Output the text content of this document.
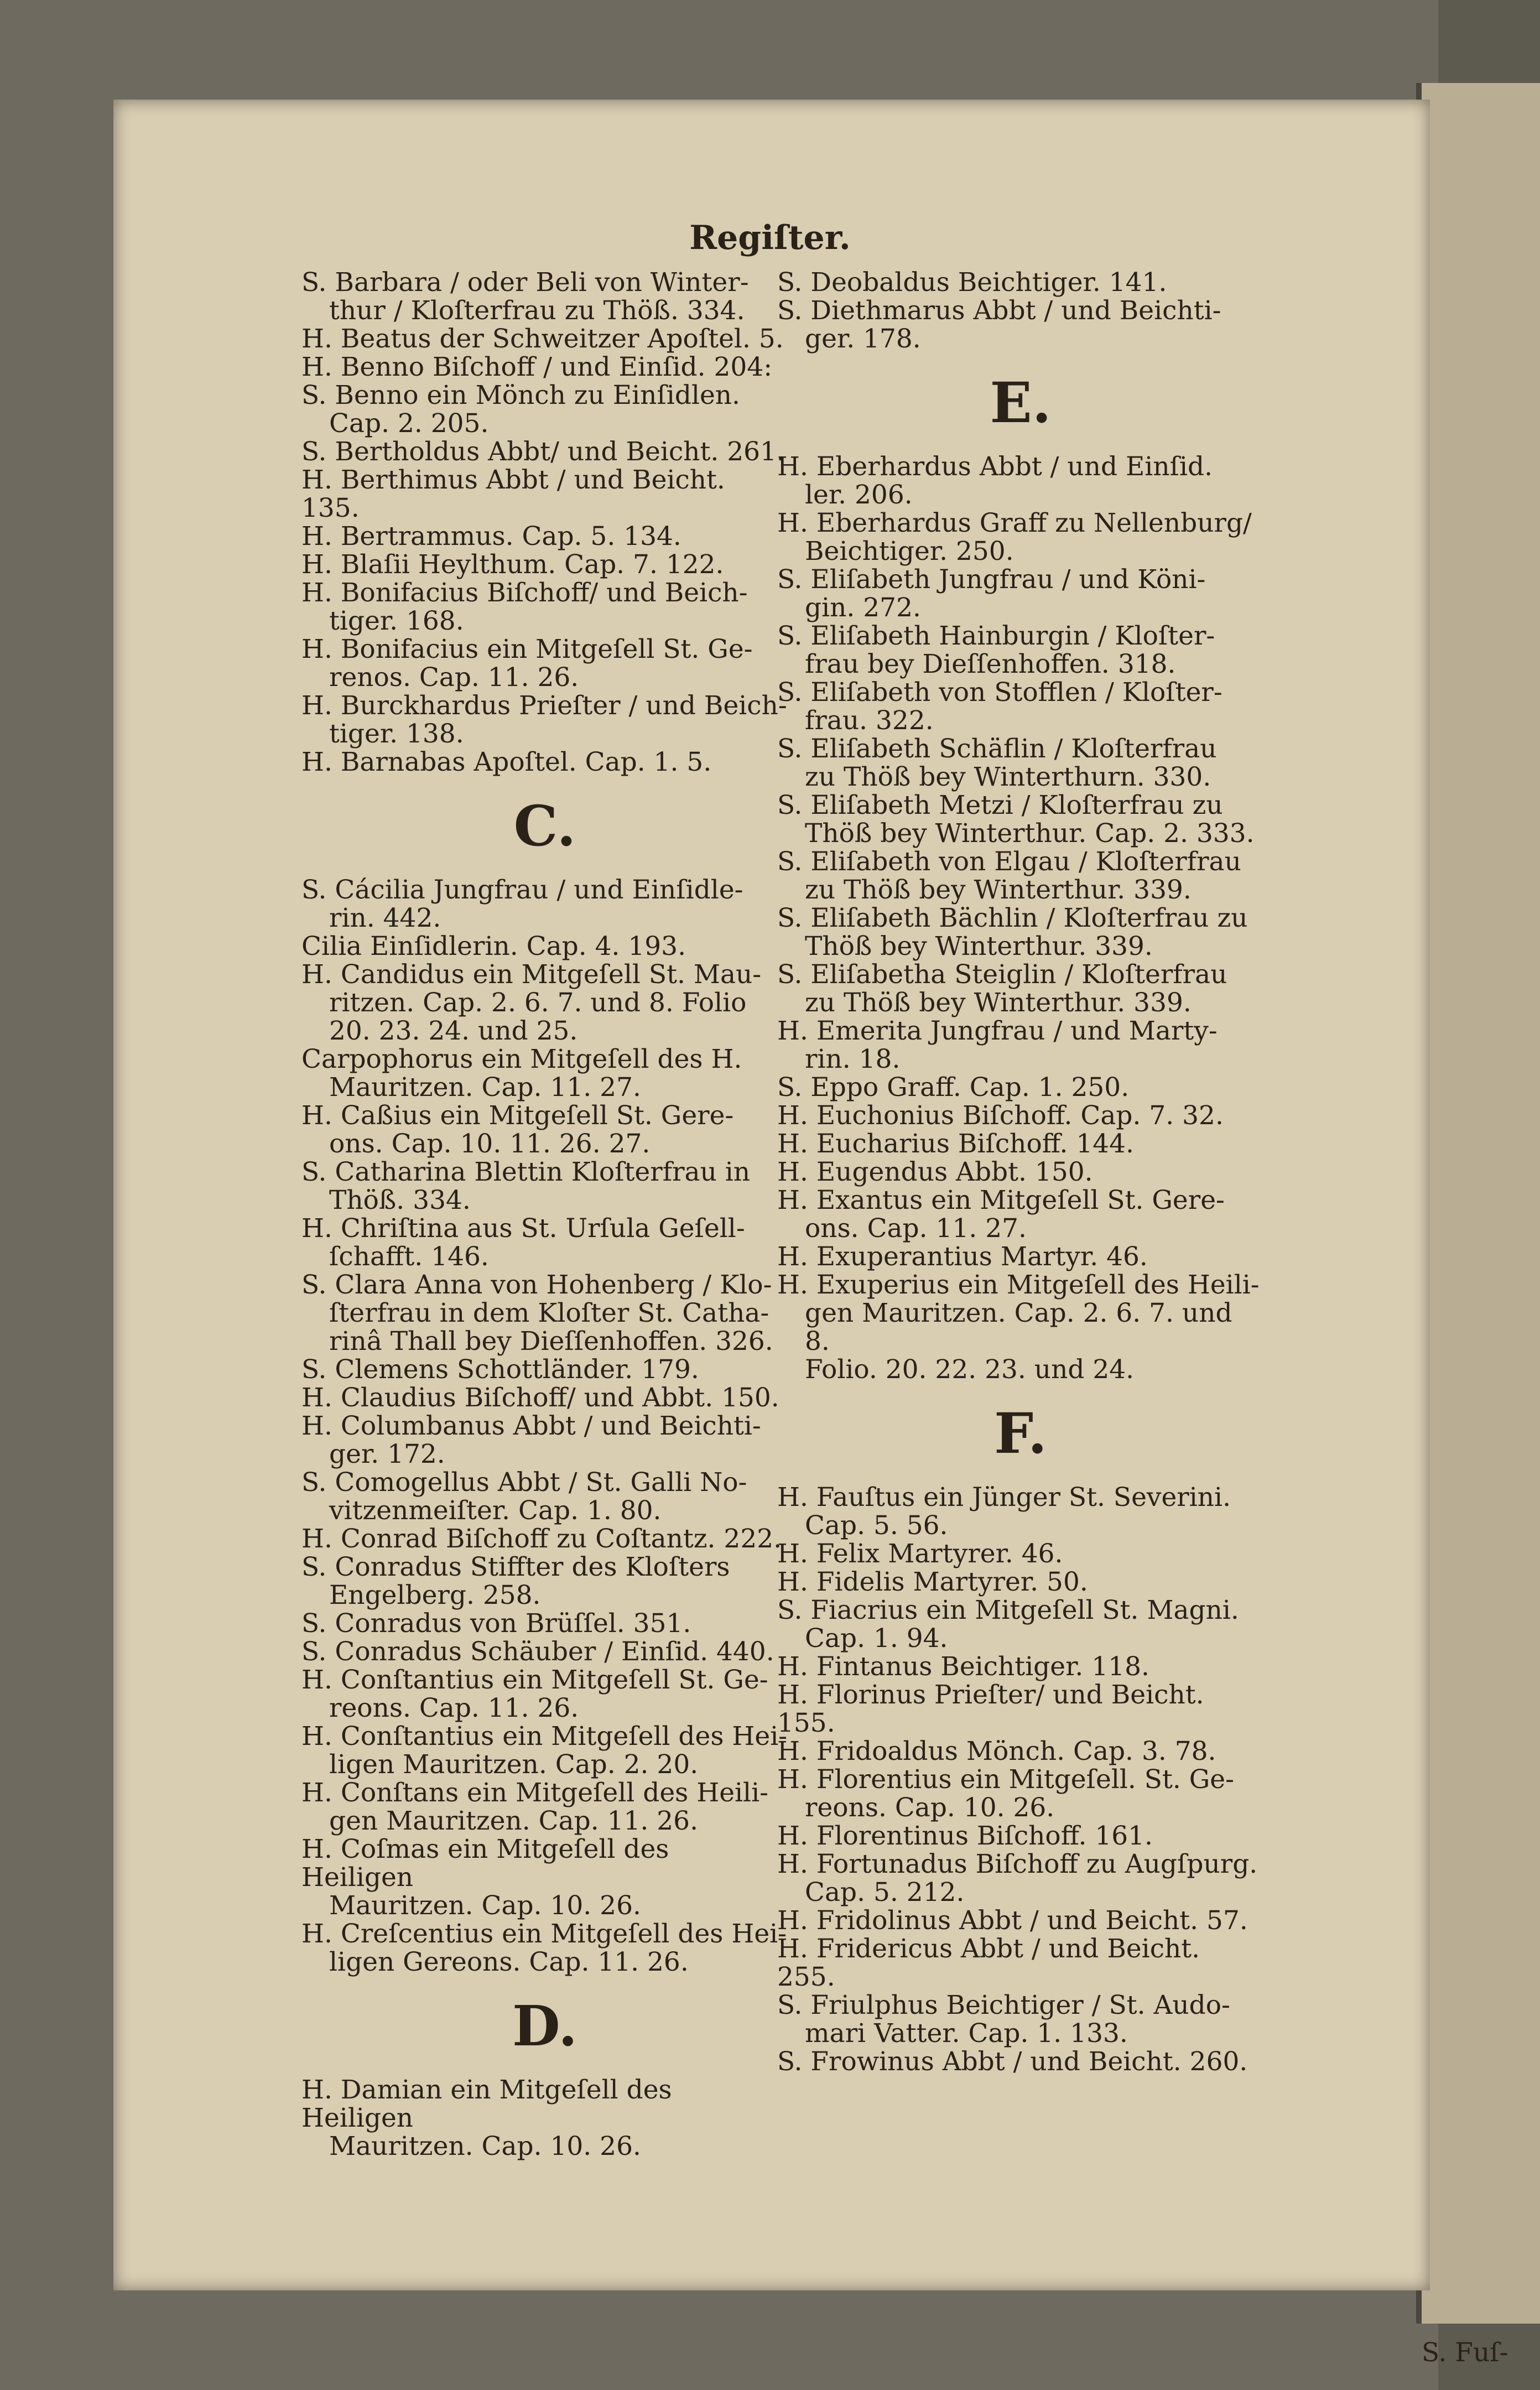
Regiſter.
S. Barbara / oder Beli von Winter-
thur / Kloſterfrau zu Thöß. 334.
H. Beatus der Schweitzer Apoſtel. 5.
H. Benno Biſchoff / und Einſid. 204:
S. Benno ein Mönch zu Einſidlen.
Cap. 2. 205.
S. Bertholdus Abbt/ und Beicht. 261.
H. Berthimus Abbt / und Beicht. 135.
H. Bertrammus. Cap. 5. 134.
H. Blaſii Heylthum. Cap. 7. 122.
H. Bonifacius Biſchoff/ und Beich-
tiger. 168.
H. Bonifacius ein Mitgeſell St. Ge-
renos. Cap. 11. 26.
H. Burckhardus Prieſter / und Beich-
tiger. 138.
H. Barnabas Apoſtel. Cap. 1. 5.
C.
S. Cácilia Jungfrau / und Einſidle-
rin. 442.
Cilia Einſidlerin. Cap. 4. 193.
H. Candidus ein Mitgeſell St. Mau-
ritzen. Cap. 2. 6. 7. und 8. Folio
20. 23. 24. und 25.
Carpophorus ein Mitgeſell des H.
Mauritzen. Cap. 11. 27.
H. Caßius ein Mitgeſell St. Gere-
ons. Cap. 10. 11. 26. 27.
S. Catharina Blettin Kloſterfrau in
Thöß. 334.
H. Chriſtina aus St. Urſula Geſell-
ſchafft. 146.
S. Clara Anna von Hohenberg / Klo-
ſterfrau in dem Kloſter St. Catha-
rinâ Thall bey Dieſſenhoffen. 326.
S. Clemens Schottländer. 179.
H. Claudius Biſchoff/ und Abbt. 150.
H. Columbanus Abbt / und Beichti-
ger. 172.
S. Comogellus Abbt / St. Galli No-
vitzenmeiſter. Cap. 1. 80.
H. Conrad Biſchoff zu Coſtantz. 222.
S. Conradus Stiffter des Kloſters
Engelberg. 258.
S. Conradus von Brüſſel. 351.
S. Conradus Schäuber / Einſid. 440.
H. Conſtantius ein Mitgeſell St. Ge-
reons. Cap. 11. 26.
H. Conſtantius ein Mitgeſell des Hei-
ligen Mauritzen. Cap. 2. 20.
H. Conſtans ein Mitgeſell des Heili-
gen Mauritzen. Cap. 11. 26.
H. Coſmas ein Mitgeſell des Heiligen
Mauritzen. Cap. 10. 26.
H. Creſcentius ein Mitgeſell des Hei-
ligen Gereons. Cap. 11. 26.
D.
H. Damian ein Mitgeſell des Heiligen
Mauritzen. Cap. 10. 26.
S. Deobaldus Beichtiger. 141.
S. Diethmarus Abbt / und Beichti-
ger. 178.
E.
H. Eberhardus Abbt / und Einſid.
ler. 206.
H. Eberhardus Graff zu Nellenburg/
Beichtiger. 250.
S. Eliſabeth Jungfrau / und Köni-
gin. 272.
S. Eliſabeth Hainburgin / Kloſter-
frau bey Dieſſenhoffen. 318.
S. Eliſabeth von Stofflen / Kloſter-
frau. 322.
S. Eliſabeth Schäflin / Kloſterfrau
zu Thöß bey Winterthurn. 330.
S. Eliſabeth Metzi / Kloſterfrau zu
Thöß bey Winterthur. Cap. 2. 333.
S. Eliſabeth von Elgau / Kloſterfrau
zu Thöß bey Winterthur. 339.
S. Eliſabeth Bächlin / Kloſterfrau zu
Thöß bey Winterthur. 339.
S. Eliſabetha Steiglin / Kloſterfrau
zu Thöß bey Winterthur. 339.
H. Emerita Jungfrau / und Marty-
rin. 18.
S. Eppo Graff. Cap. 1. 250.
H. Euchonius Biſchoff. Cap. 7. 32.
H. Eucharius Biſchoff. 144.
H. Eugendus Abbt. 150.
H. Exantus ein Mitgeſell St. Gere-
ons. Cap. 11. 27.
H. Exuperantius Martyr. 46.
H. Exuperius ein Mitgeſell des Heili-
gen Mauritzen. Cap. 2. 6. 7. und 8.
Folio. 20. 22. 23. und 24.
F.
H. Fauſtus ein Jünger St. Severini.
Cap. 5. 56.
H. Felix Martyrer. 46.
H. Fidelis Martyrer. 50.
S. Fiacrius ein Mitgeſell St. Magni.
Cap. 1. 94.
H. Fintanus Beichtiger. 118.
H. Florinus Prieſter/ und Beicht. 155.
H. Fridoaldus Mönch. Cap. 3. 78.
H. Florentius ein Mitgeſell. St. Ge-
reons. Cap. 10. 26.
H. Florentinus Biſchoff. 161.
H. Fortunadus Biſchoff zu Augſpurg.
Cap. 5. 212.
H. Fridolinus Abbt / und Beicht. 57.
H. Fridericus Abbt / und Beicht. 255.
S. Friulphus Beichtiger / St. Audo-
mari Vatter. Cap. 1. 133.
S. Frowinus Abbt / und Beicht. 260.
S. Fuſ-
